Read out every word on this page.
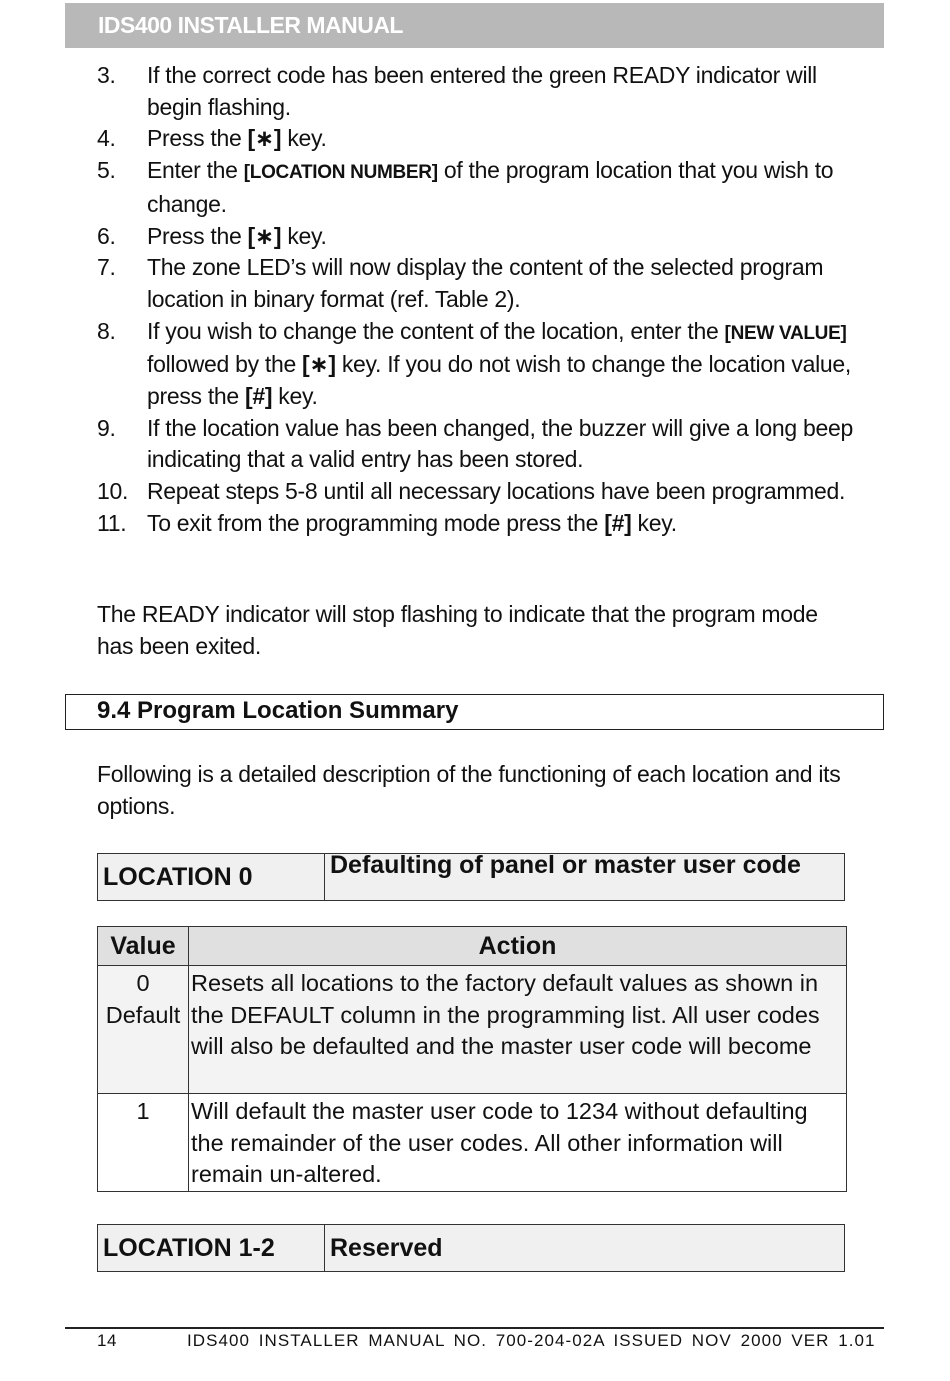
IDS400 INSTALLER MANUAL
3. If the correct code has been entered the green READY indicator will begin flashing.
4. Press the [∗] key.
5. Enter the [LOCATION NUMBER] of the program location that you wish to change.
6. Press the [∗] key.
7. The zone LED’s will now display the content of the selected program location in binary format (ref. Table 2).
8. If you wish to change the content of the location, enter the [NEW VALUE] followed by the [∗] key. If you do not wish to change the location value, press the [#] key.
9. If the location value has been changed, the buzzer will give a long beep indicating that a valid entry has been stored.
10. Repeat steps 5-8 until all necessary locations have been programmed.
11. To exit from the programming mode press the [#] key.

The READY indicator will stop flashing to indicate that the program mode has been exited.

9.4 Program Location Summary

Following is a detailed description of the functioning of each location and its options.

LOCATION 0	Defaulting of panel or master user code
Value	Action

0
Default	Resets all locations to the factory default values as shown in the DEFAULT column in the programming list. All user codes will also be defaulted and the master user code will become

1	Will default the master user code to 1234 without defaulting the remainder of the user codes. All other information will remain un-altered.
LOCATION 1-2	Reserved
14	IDS400 INSTALLER MANUAL NO. 700-204-02A ISSUED NOV 2000 VER 1.01
